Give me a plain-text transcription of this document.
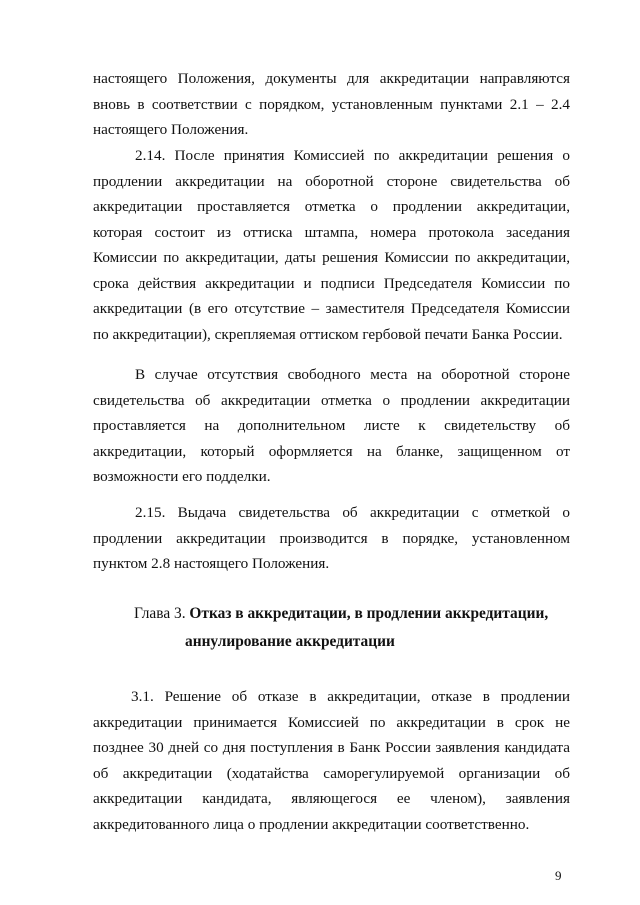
настоящего Положения, документы для аккредитации направляются
вновь в соответствии с порядком, установленным пунктами 2.1 – 2.4
настоящего Положения.
2.14. После принятия Комиссией по аккредитации решения о
продлении аккредитации на оборотной стороне свидетельства об
аккредитации проставляется отметка о продлении аккредитации,
которая состоит из оттиска штампа, номера протокола заседания
Комиссии по аккредитации, даты решения Комиссии по аккредитации,
срока действия аккредитации и подписи Председателя Комиссии по
аккредитации (в его отсутствие – заместителя Председателя Комиссии
по аккредитации), скрепляемая оттиском гербовой печати Банка России.
В случае отсутствия свободного места на оборотной стороне
свидетельства об аккредитации отметка о продлении аккредитации
проставляется на дополнительном листе к свидетельству об
аккредитации, который оформляется на бланке, защищенном от
возможности его подделки.
2.15. Выдача свидетельства об аккредитации с отметкой о
продлении аккредитации производится в порядке, установленном
пунктом 2.8 настоящего Положения.
Глава 3. Отказ в аккредитации, в продлении аккредитации,
аннулирование аккредитации
3.1. Решение об отказе в аккредитации, отказе в продлении
аккредитации принимается Комиссией по аккредитации в срок не
позднее 30 дней со дня поступления в Банк России заявления кандидата
об аккредитации (ходатайства саморегулируемой организации об
аккредитации кандидата, являющегося ее членом), заявления
аккредитованного лица о продлении аккредитации соответственно.
9
